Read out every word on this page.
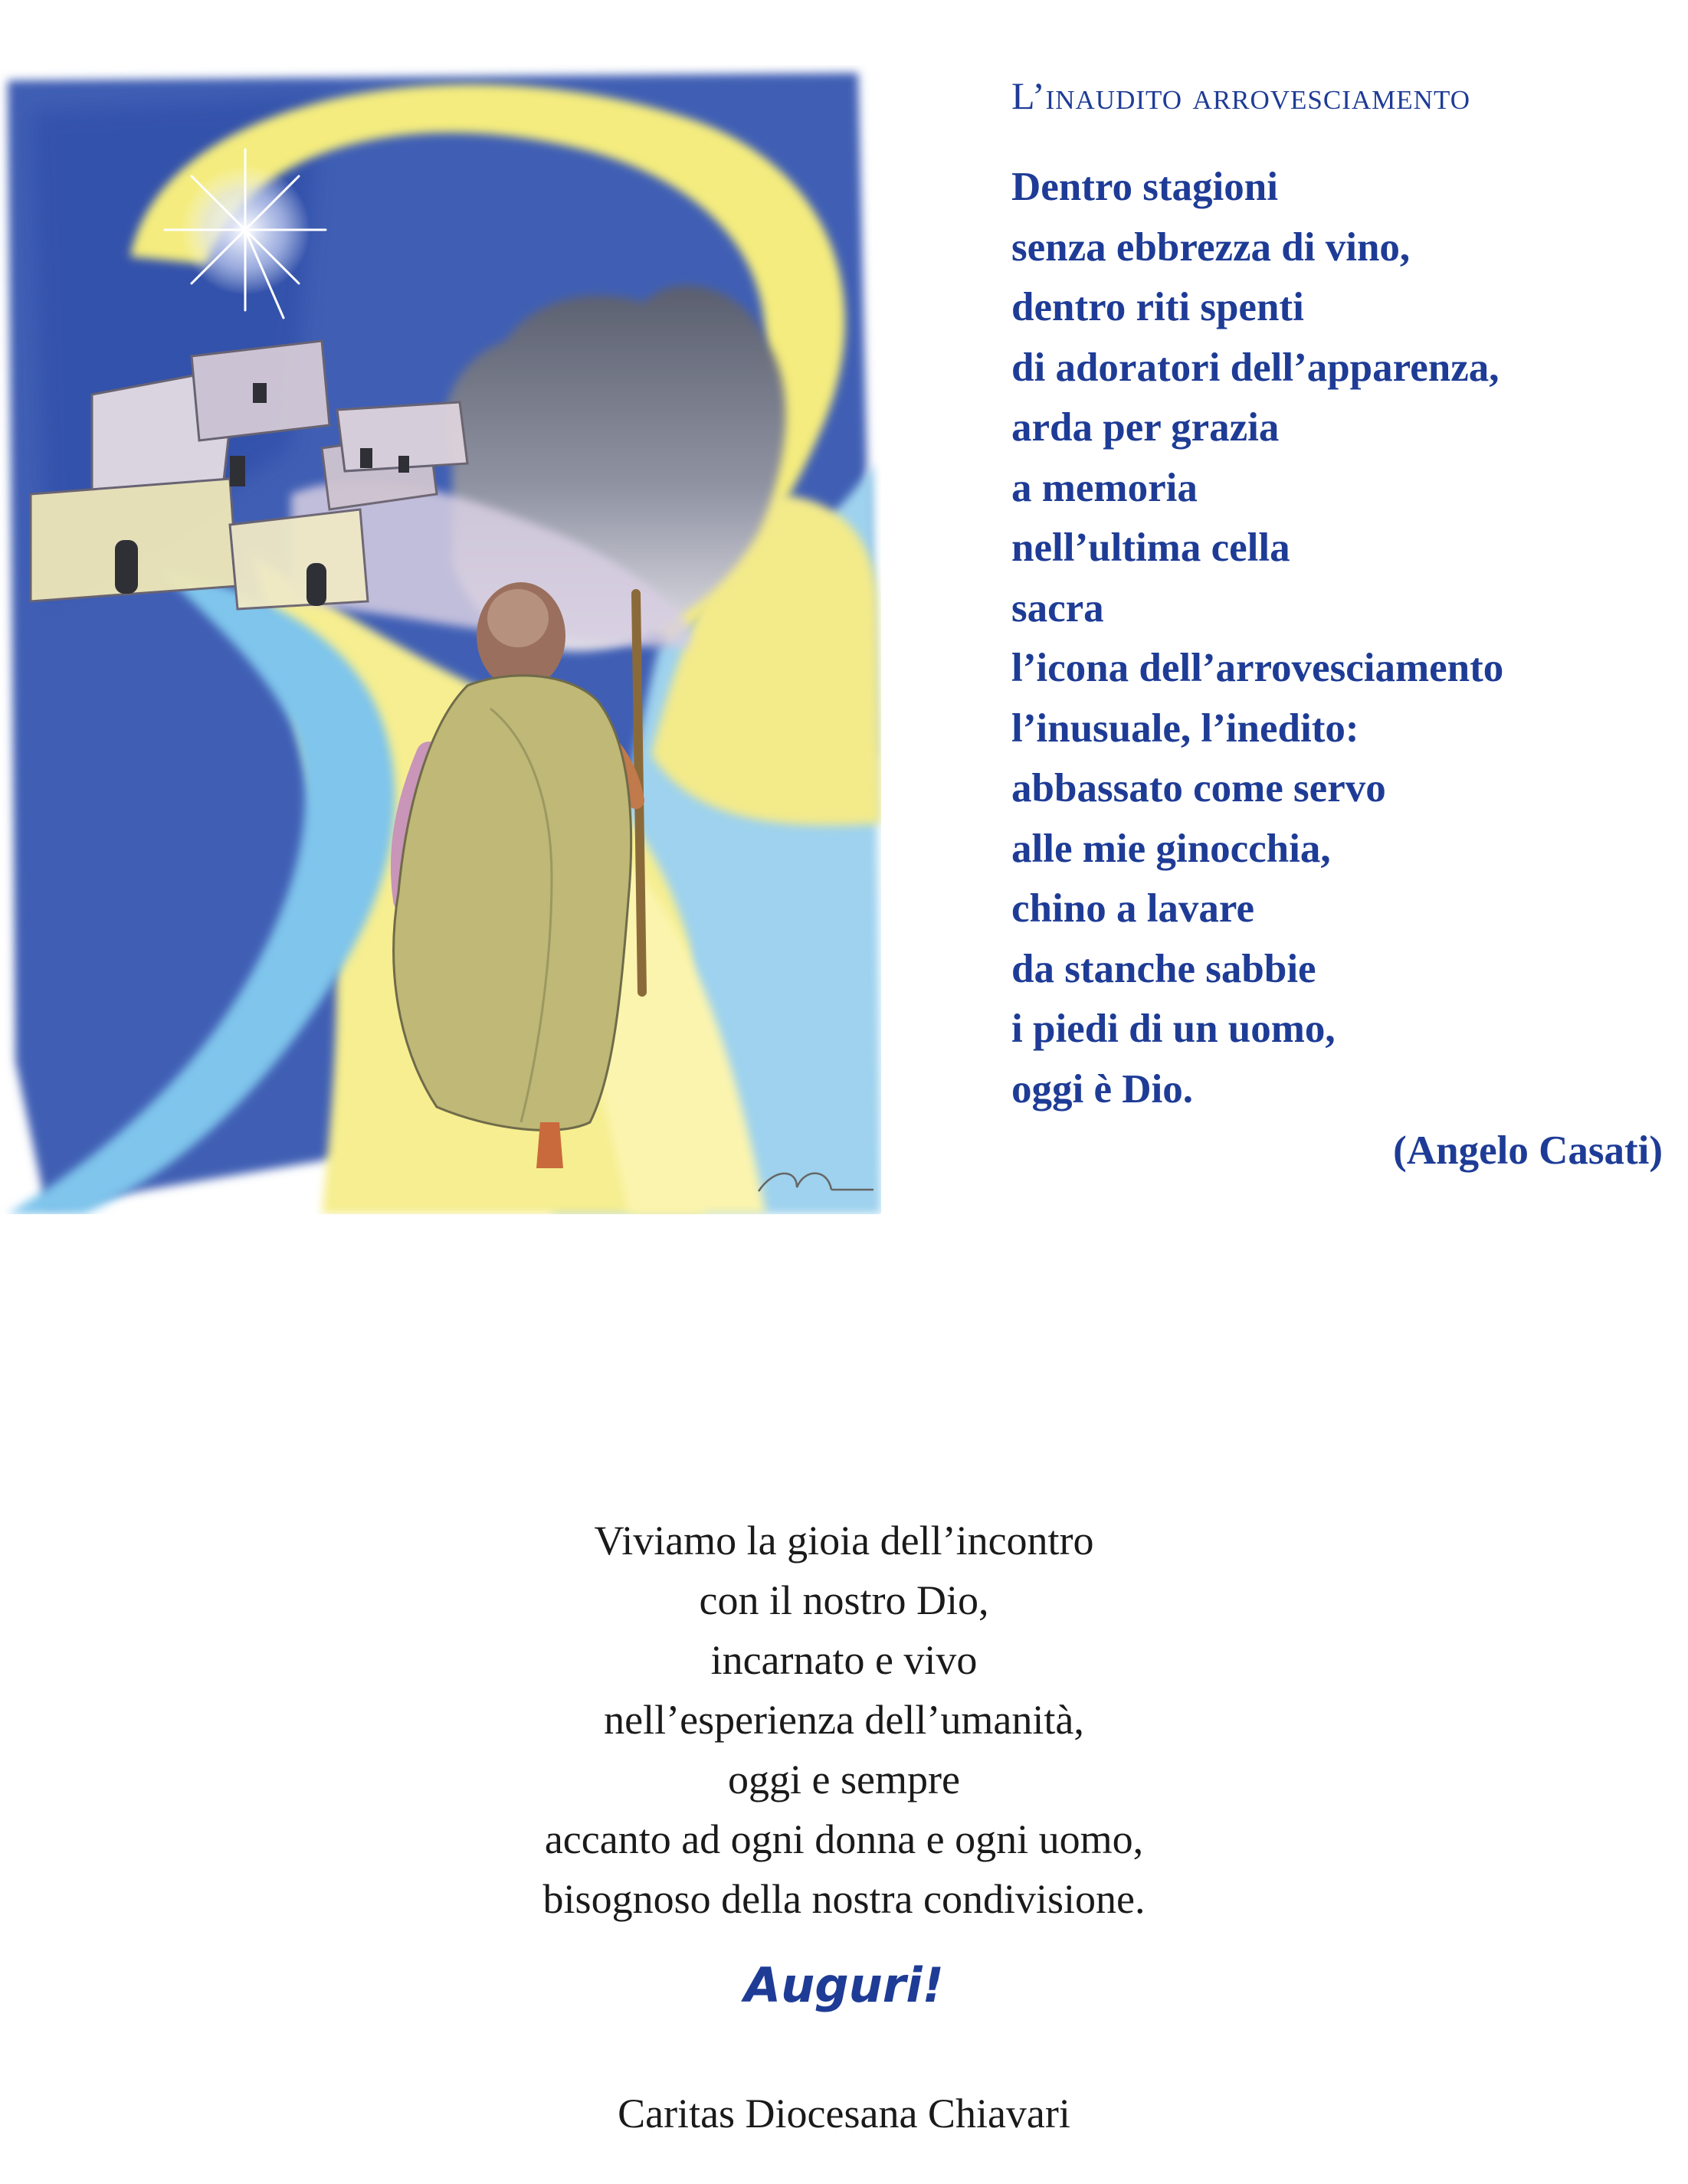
L’inaudito arrovesciamento
Dentro stagioni
senza ebbrezza di vino,
dentro riti spenti
di adoratori dell’apparenza,
arda per grazia
a memoria
nell’ultima cella
sacra
l’icona dell’arrovesciamento
l’inusuale, l’inedito:
abbassato come servo
alle mie ginocchia,
chino a lavare
da stanche sabbie
i piedi di un uomo,
oggi è Dio.
(Angelo Casati)
Viviamo la gioia dell’incontro
con il nostro Dio,
incarnato e vivo
nell’esperienza dell’umanità,
oggi e sempre
accanto ad ogni donna e ogni uomo,
bisognoso della nostra condivisione.
Auguri!
Caritas Diocesana Chiavari
